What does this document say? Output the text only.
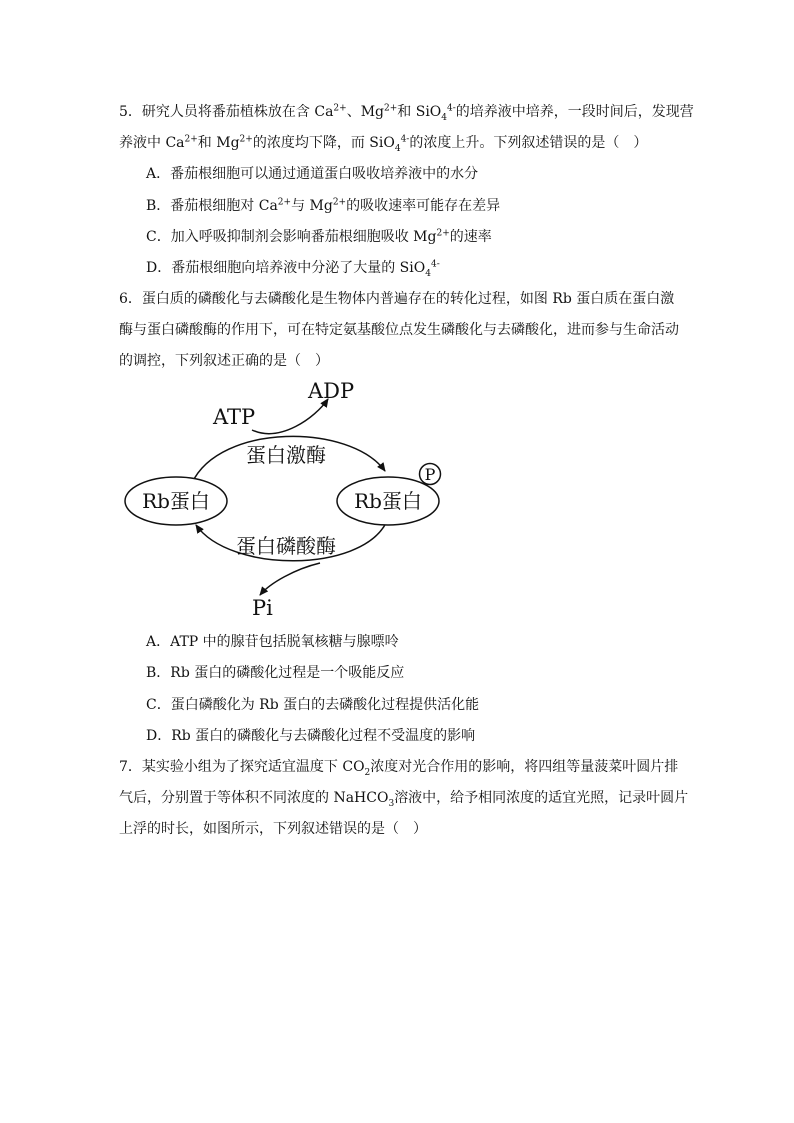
5．研究人员将番茄植株放在含 $Ca^{2+}$、$Mg^{2+}$和 SiO$_4^{4-}$的培养液中培养，一段时间后，发现营
养液中 $Ca^{2+}$和 $Mg^{2+}$的浓度均下降，而 SiO$_4^{4-}$的浓度上升。下列叙述错误的是（　）
A．番茄根细胞可以通过通道蛋白吸收培养液中的水分
B．番茄根细胞对 $Ca^{2+}$与 $Mg^{2+}$的吸收速率可能存在差异
C．加入呼吸抑制剂会影响番茄根细胞吸收 $Mg^{2+}$的速率
D．番茄根细胞向培养液中分泌了大量的 SiO$_4^{4-}$
6．蛋白质的磷酸化与去磷酸化是生物体内普遍存在的转化过程，如图 Rb 蛋白质在蛋白激
酶与蛋白磷酸酶的作用下，可在特定氨基酸位点发生磷酸化与去磷酸化，进而参与生命活动
的调控，下列叙述正确的是（　）
Rb蛋白	Rb蛋白
P
ATP
ADP
蛋白激酶
蛋白磷酸酶
Pi
A．ATP 中的腺苷包括脱氧核糖与腺嘌呤
B．Rb 蛋白的磷酸化过程是一个吸能反应
C．蛋白磷酸化为 Rb 蛋白的去磷酸化过程提供活化能
D．Rb 蛋白的磷酸化与去磷酸化过程不受温度的影响
7．某实验小组为了探究适宜温度下 $CO_2$浓度对光合作用的影响，将四组等量菠菜叶圆片排
气后，分别置于等体积不同浓度的 NaHCO$_3$溶液中，给予相同浓度的适宜光照，记录叶圆片
上浮的时长，如图所示，下列叙述错误的是（　）
